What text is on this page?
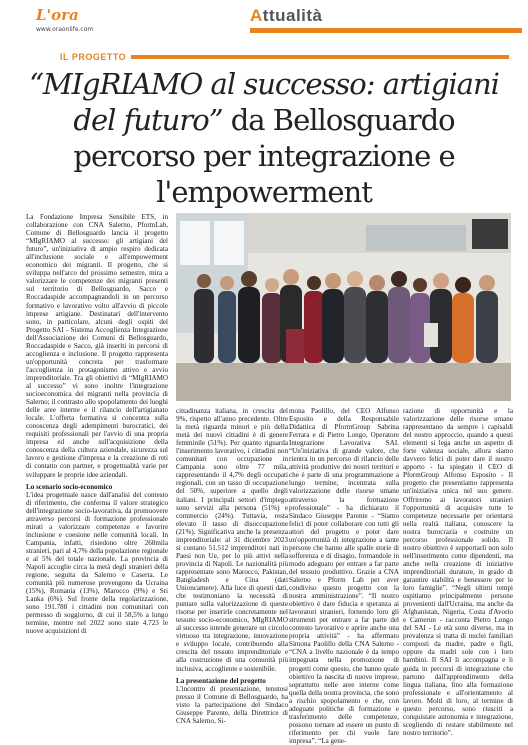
L'ora
www.oraonlife.com
Attualità
IL PROGETTO
“MIgRIAMO al successo: artigiani del futuro” da Bellosguardo percorso per integrazione e l'empowerment

La Fondazione Impresa Sensibile ETS, in collaborazione con CNA Salerno, PformLab, Comune di Bellosguardo lancia il progetto “MIgRIAMO al successo: gli artigiani del futuro”, un'iniziativa di ampio respiro dedicata all'inclusione sociale e all'empowerment economico dei migranti. Il progetto, che si sviluppa nell'arco del prossimo semestre, mira a valorizzare le competenze dei migranti presenti sul territorio di Bellosguardo, Sacco e Roccadaspide accompagnandoli in un percorso formativo e lavorativo volto all'avvio di piccole imprese artigiane. Destinatari dell'intervento sono, in particolare, alcuni degli ospiti del Progetto SAI - Sistema Accoglienza Integrazione dell'Associazione dei Comuni di Bellosguardo, Roccadaspide e Sacco, già inseriti in percorsi di accoglienza e inclusione. Il progetto rappresenta un'opportunità concreta per trasformare l'accoglienza in protagonismo attivo e avvio imprenditoriale. Tra gli obiettivi di “MIgRIAMO al successo” vi sono inoltre l'integrazione socioeconomica dei migranti nella provincia di Salerno; il contrasto allo spopolamento dei luoghi delle aree interne e il rilancio dell'artigianato locale. L'offerta formativa si concentra sulla conoscenza degli adempimenti burocratici, dei requisiti professionali per l'avvio di una propria impresa ed anche sull'acquisizione della conoscenza della cultura aziendale, sicurezza sul lavoro e gestione d'impresa e la creazione di reti di contatto con partner, e progettualità varie per sviluppare le proprie idee aziendali.

Lo scenario socio-economico

L'idea progettuale nasce dall'analisi del contesto di riferimento, che conferma il valore strategico dell'integrazione socio-lavorativa, da promuovere attraverso percorsi di formazione professionale mirati a valorizzare competenze e favorire inclusione e coesione nelle comunità locali. In Campania, infatti, risiedono oltre 268mila stranieri, pari al 4,7% della popolazione regionale e al 5% del totale nazionale. La provincia di Napoli accoglie circa la metà degli stranieri della regione, seguita da Salerno e Caserta. Le comunità più numerose provengono da Ucraina (15%), Romania (13%), Marocco (9%) e Sri Lanka (6%). Sul fronte della regolarizzazione, sono 191.788 i cittadini non comunitari con permesso di soggiorno, di cui il 58,5% a lungo termine, mentre nel 2022 sono state 4.723 le nuove acquisizioni di

cittadinanza italiana, in crescita del 9%, rispetto all'anno precedente. Oltre la metà riguarda minori e più della metà dei nuovi cittadini è di genere femminile (51%). Per quanto riguarda l'inserimento lavorativo, i cittadini non comunitari con occupazione in Campania sono oltre 77 mila, rappresentando il 4,7% degli occupati regionali, con un tasso di occupazione del 50%, superiore a quello degli italiani. I principali settori d'impiego sono servizi alla persona (51%) e commercio (24%). Tuttavia, resta elevato il tasso di disoccupazione (21%). Significativa anche la presenza imprenditoriale: al 31 dicembre 2023 si contano 51.512 imprenditori nati in Paesi non Ue, per lo più attivi nella provincia di Napoli. Le nazionalità più rappresentate sono Marocco, Pakistan, Bangladesh e Cina (dati Unioncamere). Alla luce di questi dati, che testimoniano la necessità di puntare sulla valorizzazione di queste risorse per inserirle concretamente nel tessuto socio-economico, MIgRIAMO al successo intende generare un circolo virtuoso tra integrazione, innovazione e sviluppo locale, contribuendo alla crescita del tessuto imprenditoriale e alla costruzione di una comunità più inclusiva, accogliente e sostenibile.

La presentazione del progetto

L'incontro di presentazione, tenutosi presso il Comune di Bellosguardo, ha visto la partecipazione del Sindaco Giuseppe Parente, della Direttrice di CNA Salerno, Si-

mona Paolillo, del CEO Alfonso Esposito e della Responsabile Didattica di PformGroup Sabrina Ferrara e di Pietro Longo, Operatore Integrazione Lavorativa SAI. “Un'iniziativa di grande valore, che rientra in un percorso di rilancio delle attività produttive dei nostri territori e che è parte di una programmazione a lungo termine, incentrata sulla valorizzazione delle risorse umane attraverso la formazione professionale” - ha dichiarato il Sindaco Giuseppe Parente - “Siamo felici di poter collaborare con tutti gli attori del progetto e poter dare un'opportunità di integrazione a tante persone che hanno alle spalle storie di sofferenza e di disagio, formandole in modo adeguato per entrare a far parte del tessuto produttivo. Grazie a CNA Salerno e Pform Lab per aver condiviso questo progetto con la nostra amministrazione”. “Il nostro obiettivo è dare fiducia e speranza ai lavoratori stranieri, fornendo loro gli strumenti per entrare a far parte del contesto lavorativo e aprire anche una propria attività” - ha affermato Simona Paolillo della CNA Salerno - “CNA a livello nazionale è da tempo impegnata nella promozione di progetti come questo, che hanno quale obiettivo la nascita di nuove imprese, soprattutto nelle aree interne come quella della nostra provincia, che sono a rischio spopolamento e che, con adeguate politiche di formazione e trasferimento delle competenze, possono tornare ad essere un punto di riferimento per chi vuole fare impresa”. “La gene-

razione di opportunità e la valorizzazione delle risorse umane rappresentano da sempre i capisaldi del nostro approccio, quando a questi elementi si lega anche un aspetto di forte valenza sociale, allora siamo davvero felici di poter dare il nostro apporto - ha spiegato il CEO di PformGroup Alfonso Esposito - Il progetto che presentiamo rappresenta un'iniziativa unica nel suo genere. Offriremo ai lavoratori stranieri l'opportunità di acquisire tutte le competenze necessarie per orientarsi nella realtà italiana, conoscere la nostra burocrazia e costruire un percorso professionale solido. Il nostro obiettivo è supportarli non solo nell'inserimento come dipendenti, ma anche nella creazione di iniziative imprenditoriali durature, in grado di garantire stabilità e benessere per le loro famiglie”. “Negli ultimi tempi ospitiamo principalmente persone provenienti dall'Ucraina, ma anche da Afghanistan, Nigeria, Costa d'Avorio e Camerun - racconta Pietro Longo del SAI - Le età sono diverse, ma in prevalenza si tratta di nuclei familiari composti da madre, padre e figli, oppure da madri sole con i loro bambini. Il SAI li accompagna e li guida in percorsi di integrazione che partono dall'apprendimento della lingua italiana, fino alla formazione professionale e all'orientamento al lavoro. Molti di loro, al termine di questo percorso, sono riusciti a conquistare autonomia e integrazione, scegliendo di restare stabilmente nel nostro territorio”.
